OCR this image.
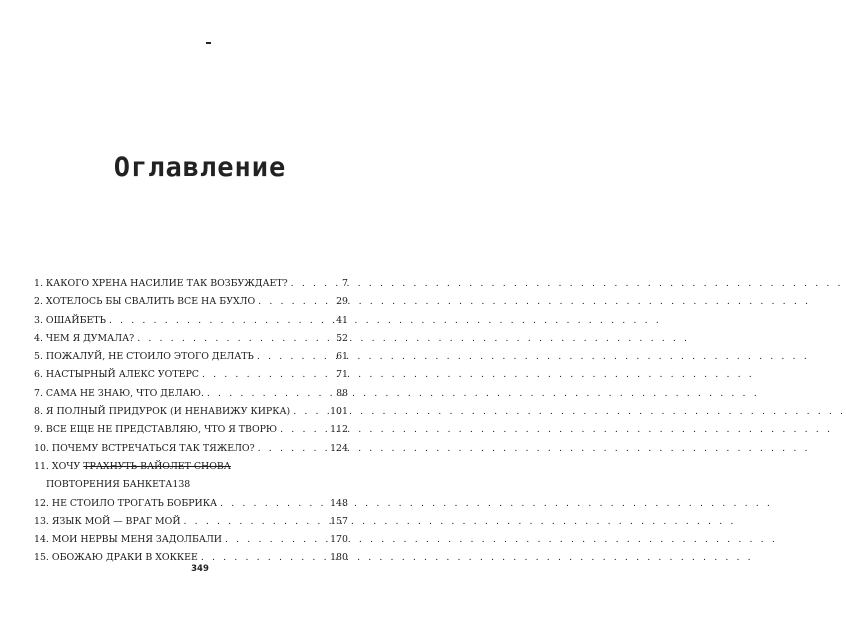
Оглавление
1. КАКОГО ХРЕНА НАСИЛИЕ ТАК ВОЗБУЖДАЕТ? . . .	7
2. ХОТЕЛОСЬ БЫ СВАЛИТЬ ВСЕ НА БУХЛО . . .	29
3. ОШАЙБЕТЬ . . .	41
4. ЧЕМ Я ДУМАЛА? . . .	52
5. ПОЖАЛУЙ, НЕ СТОИЛО ЭТОГО ДЕЛАТЬ . . .	61
6. НАСТЫРНЫЙ АЛЕКС УОТЕРС . . .	71
7. САМА НЕ ЗНАЮ, ЧТО ДЕЛАЮ. . . .	88
8. Я ПОЛНЫЙ ПРИДУРОК (И НЕНАВИЖУ КИРКА) . . .	101
9. ВСЕ ЕЩЕ НЕ ПРЕДСТАВЛЯЮ, ЧТО Я ТВОРЮ . . .	112
10. ПОЧЕМУ ВСТРЕЧАТЬСЯ ТАК ТЯЖЕЛО? . . .	124
11. ХОЧУ ТРАХНУТЬ ВАЙОЛЕТ СНОВА
ПОВТОРЕНИЯ БАНКЕТА 138
12. НЕ СТОИЛО ТРОГАТЬ БОБРИКА . . .	148
13. ЯЗЫК МОЙ — ВРАГ МОЙ . . .	157
14. МОИ НЕРВЫ МЕНЯ ЗАДОЛБАЛИ . . .	170
15. ОБОЖАЮ ДРАКИ В ХОККЕЕ . . .	180
349
